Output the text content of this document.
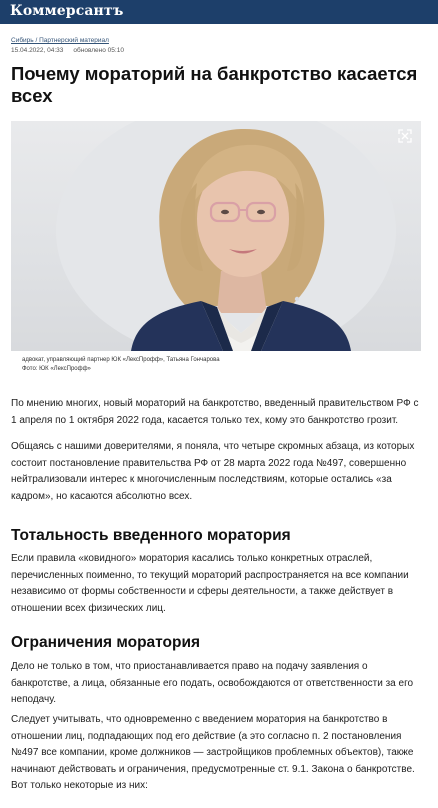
Коммерсантъ
Сибирь / Партнерский материал
15.04.2022, 04:33 обновлено 05:10
Почему мораторий на банкротство касается всех
адвокат, управляющий партнер ЮК «ЛексПрофф», Татьяна Гончарова
Фото: ЮК «ЛексПрофф»

По мнению многих, новый мораторий на банкротство, введенный правительством РФ с 1 апреля по 1 октября 2022 года, касается только тех, кому это банкротство грозит.

Общаясь с нашими доверителями, я поняла, что четыре скромных абзаца, из которых состоит постановление правительства РФ от 28 марта 2022 года №497, совершенно нейтрализовали интерес к многочисленным последствиям, которые остались «за кадром», но касаются абсолютно всех.

Тотальность введенного моратория

Если правила «ковидного» моратория касались только конкретных отраслей, перечисленных поименно, то текущий мораторий распространяется на все компании независимо от формы собственности и сферы деятельности, а также действует в отношении всех физических лиц.

Ограничения моратория

Дело не только в том, что приостанавливается право на подачу заявления о банкротстве, а лица, обязанные его подать, освобождаются от ответственности за его неподачу.

Следует учитывать, что одновременно с введением моратория на банкротство в отношении лиц, подпадающих под его действие (а это согласно п. 2 постановления №497 все компании, кроме должников — застройщиков проблемных объектов), также начинают действовать и ограничения, предусмотренные ст. 9.1. Закона о банкротстве. Вот только некоторые из них:
